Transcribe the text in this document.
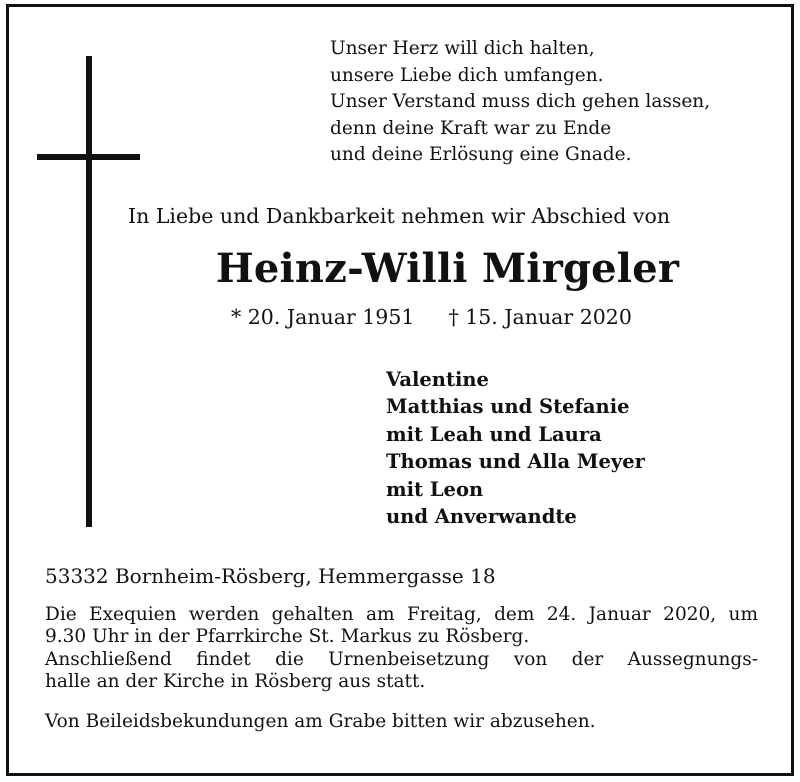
Unser Herz will dich halten,
unsere Liebe dich umfangen.
Unser Verstand muss dich gehen lassen,
denn deine Kraft war zu Ende
und deine Erlösung eine Gnade.
In Liebe und Dankbarkeit nehmen wir Abschied von
Heinz-Willi Mirgeler
* 20. Januar 1951 † 15. Januar 2020
Valentine
Matthias und Stefanie
mit Leah und Laura
Thomas und Alla Meyer
mit Leon
und Anverwandte
53332 Bornheim-Rösberg, Hemmergasse 18
Die Exequien werden gehalten am Freitag, dem 24. Januar 2020, um
9.30 Uhr in der Pfarrkirche St. Markus zu Rösberg.
Anschließend findet die Urnenbeisetzung von der Aussegnungs-
halle an der Kirche in Rösberg aus statt.
Von Beileidsbekundungen am Grabe bitten wir abzusehen.
